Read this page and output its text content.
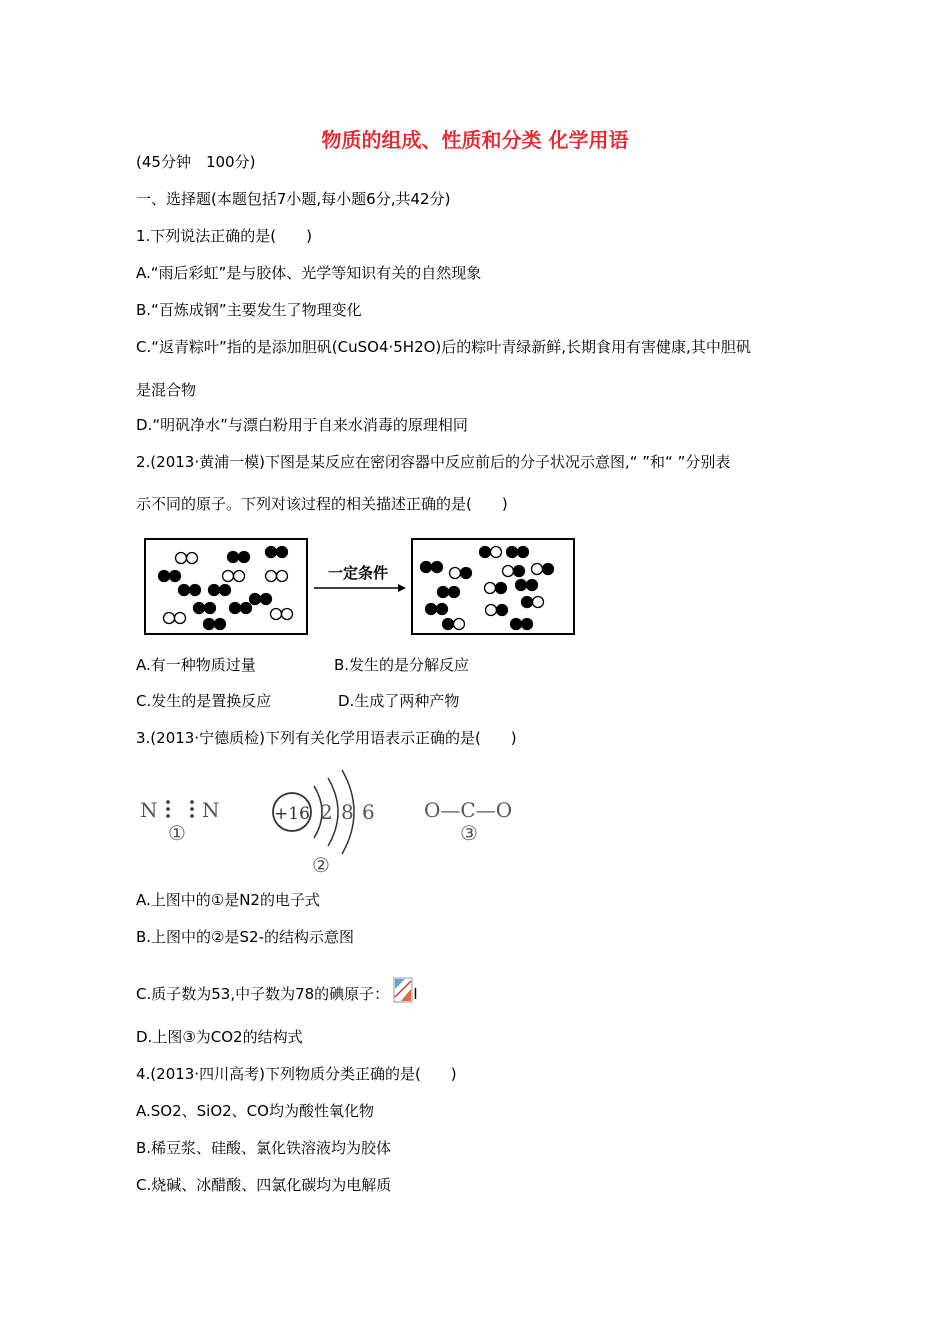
物质的组成、性质和分类 化学用语
(45分钟　100分)
一、选择题(本题包括7小题,每小题6分,共42分)
1.下列说法正确的是(　　)
A.“雨后彩虹”是与胶体、光学等知识有关的自然现象
B.“百炼成钢”主要发生了物理变化
C.“返青粽叶”指的是添加胆矾(CuSO4·5H2O)后的粽叶青绿新鲜,长期食用有害健康,其中胆矾
是混合物
D.“明矾净水”与漂白粉用于自来水消毒的原理相同
2.(2013·黄浦一模)下图是某反应在密闭容器中反应前后的分子状况示意图,“ ”和“ ”分别表
示不同的原子。下列对该过程的相关描述正确的是(　　)
一定条件
A.有一种物质过量	B.发生的是分解反应
C.发生的是置换反应	D.生成了两种产物
3.(2013·宁德质检)下列有关化学用语表示正确的是(　　)
N N
①
+16 2 8 6
②
O—C—O
③
A.上图中的①是N2的电子式
B.上图中的②是S2-的结构示意图
C.质子数为53,中子数为78的碘原子： I
D.上图③为CO2的结构式
4.(2013·四川高考)下列物质分类正确的是(　　)
A.SO2、SiO2、CO均为酸性氧化物
B.稀豆浆、硅酸、氯化铁溶液均为胶体
C.烧碱、冰醋酸、四氯化碳均为电解质
